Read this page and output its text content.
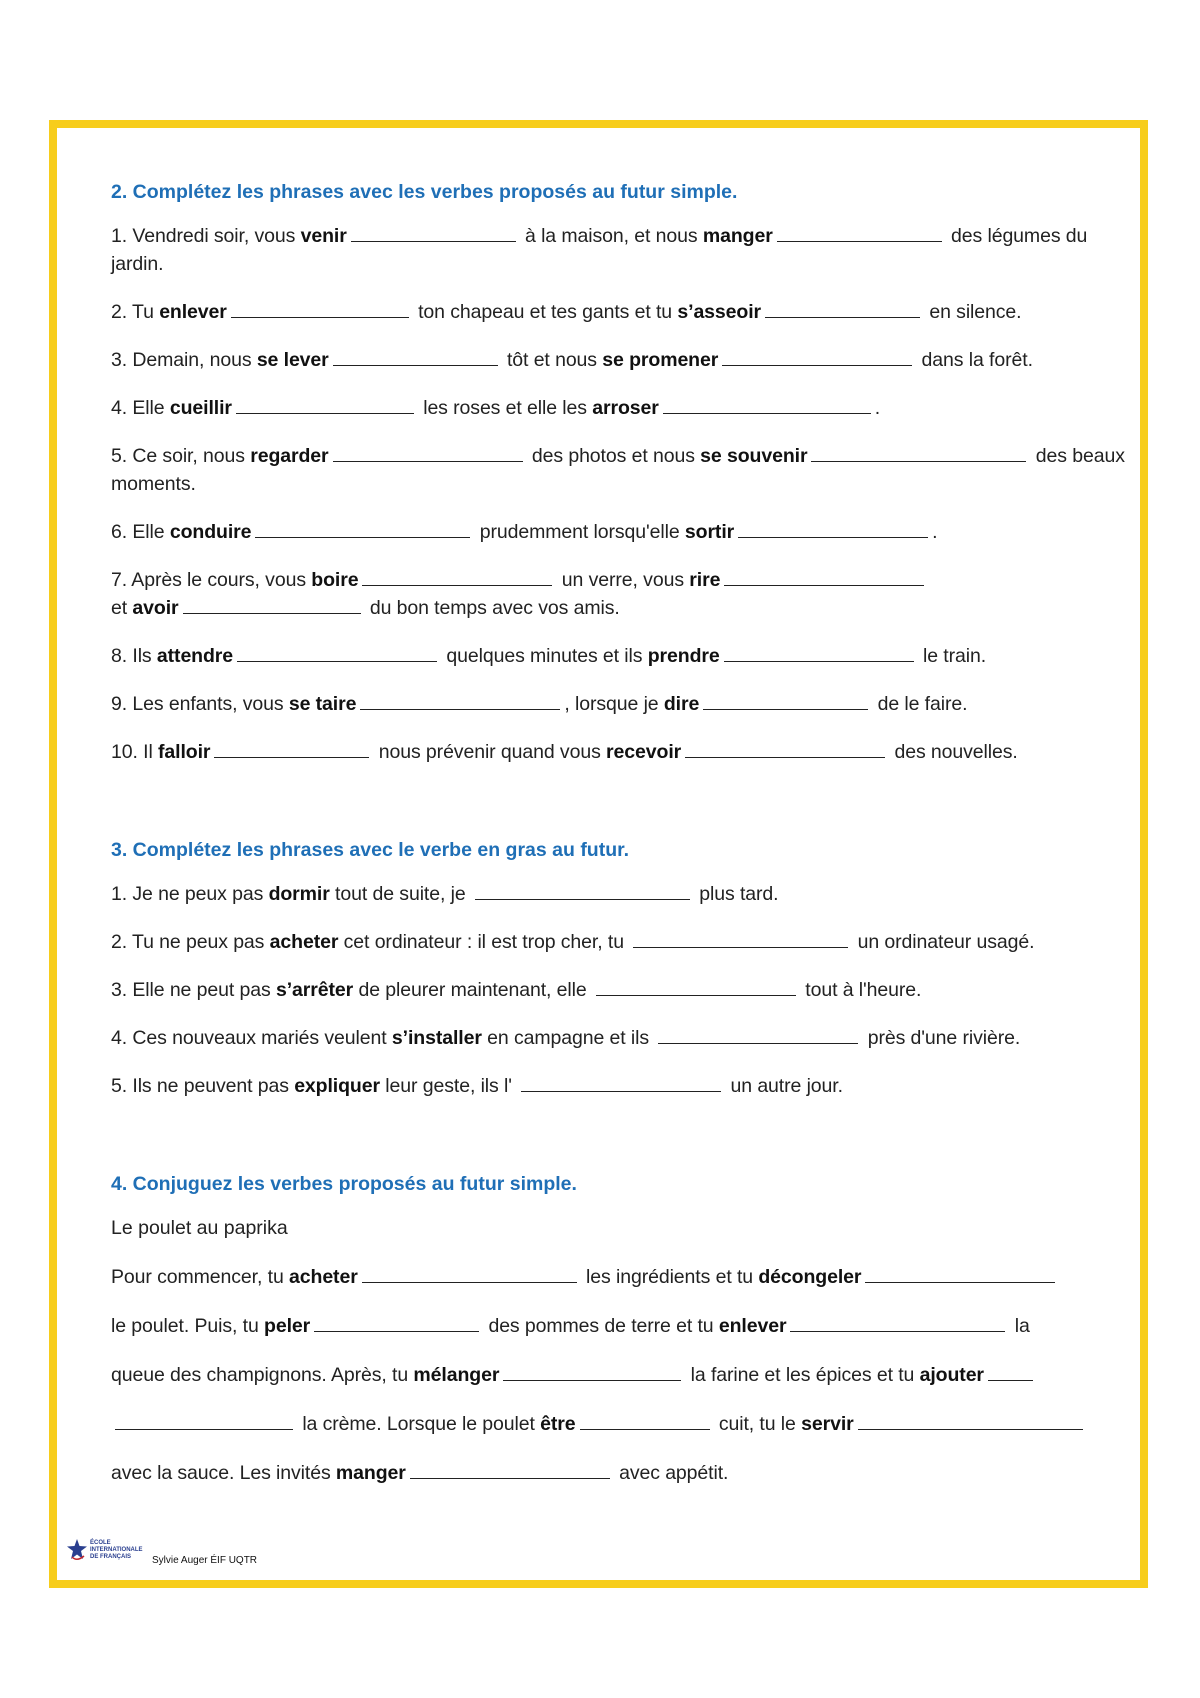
2. Complétez les phrases avec les verbes proposés au futur simple.
1. Vendredi soir, vous venir	à la maison, et nous manger	des légumes du jardin.
2. Tu enlever	ton chapeau et tes gants et tu s’asseoir	en silence.
3. Demain, nous se lever	tôt et nous se promener	dans la forêt.
4. Elle cueillir	les roses et elle les arroser	.
5. Ce soir, nous regarder	des photos et nous se souvenir	des beaux moments.
6. Elle conduire	prudemment lorsqu'elle sortir	.
7. Après le cours, vous boire	un verre, vous rire
et avoir	du bon temps avec vos amis.
8. Ils attendre	quelques minutes et ils prendre	le train.
9. Les enfants, vous se taire	, lorsque je dire	de le faire.
10. Il falloir	nous prévenir quand vous recevoir	des nouvelles.
3. Complétez les phrases avec le verbe en gras au futur.
1. Je ne peux pas dormir tout de suite, je	plus tard.
2. Tu ne peux pas acheter cet ordinateur : il est trop cher, tu	un ordinateur usagé.
3. Elle ne peut pas s’arrêter de pleurer maintenant, elle	tout à l'heure.
4. Ces nouveaux mariés veulent s’installer en campagne et ils	près d'une rivière.
5. Ils ne peuvent pas expliquer leur geste, ils l'	un autre jour.
4. Conjuguez les verbes proposés au futur simple.
Le poulet au paprika
Pour commencer, tu acheter	les ingrédients et tu décongeler
le poulet. Puis, tu peler	des pommes de terre et tu enlever	la
queue des champignons. Après, tu mélanger	la farine et les épices et tu ajouter
la crème. Lorsque le poulet être	cuit, tu le servir
avec la sauce. Les invités manger	avec appétit.
ÉCOLE INTERNATIONALE DE FRANÇAIS	Sylvie Auger ÉIF UQTR
